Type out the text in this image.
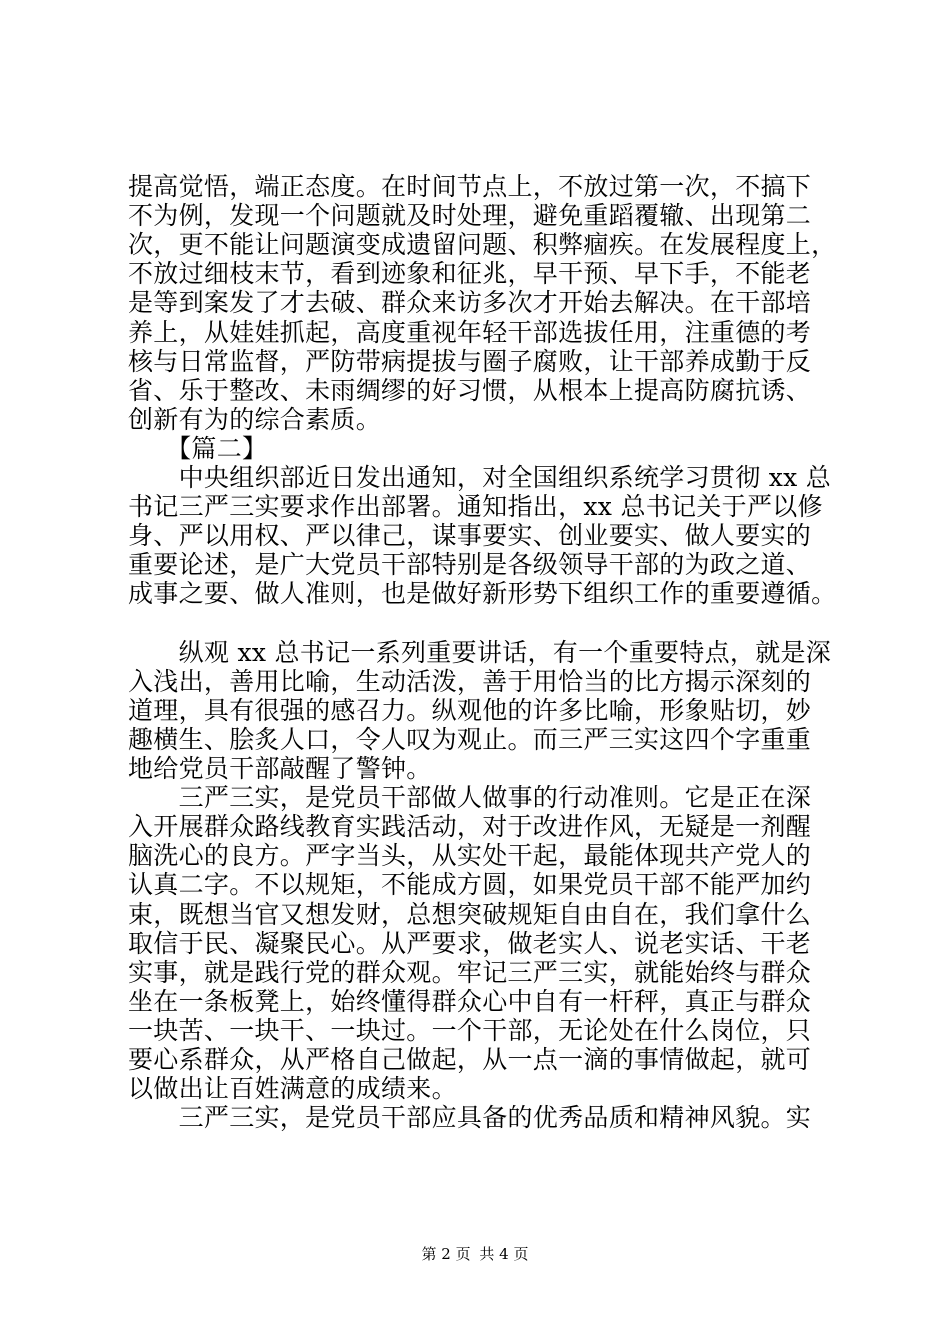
提高觉悟，端正态度。在时间节点上，不放过第一次，不搞下
不为例，发现一个问题就及时处理，避免重蹈覆辙、出现第二
次，更不能让问题演变成遗留问题、积弊痼疾。在发展程度上，
不放过细枝末节，看到迹象和征兆，早干预、早下手，不能老
是等到案发了才去破、群众来访多次才开始去解决。在干部培
养上，从娃娃抓起，高度重视年轻干部选拔任用，注重德的考
核与日常监督，严防带病提拔与圈子腐败，让干部养成勤于反
省、乐于整改、未雨绸缪的好习惯，从根本上提高防腐抗诱、
创新有为的综合素质。
　　【篇二】
　　中央组织部近日发出通知，对全国组织系统学习贯彻 xx 总
书记三严三实要求作出部署。通知指出，xx 总书记关于严以修
身、严以用权、严以律己，谋事要实、创业要实、做人要实的
重要论述，是广大党员干部特别是各级领导干部的为政之道、
成事之要、做人准则，也是做好新形势下组织工作的重要遵循。
　　纵观 xx 总书记一系列重要讲话，有一个重要特点，就是深
入浅出，善用比喻，生动活泼，善于用恰当的比方揭示深刻的
道理，具有很强的感召力。纵观他的许多比喻，形象贴切，妙
趣横生、脍炙人口，令人叹为观止。而三严三实这四个字重重
地给党员干部敲醒了警钟。
　　三严三实，是党员干部做人做事的行动准则。它是正在深
入开展群众路线教育实践活动，对于改进作风，无疑是一剂醒
脑洗心的良方。严字当头，从实处干起，最能体现共产党人的
认真二字。不以规矩，不能成方圆，如果党员干部不能严加约
束，既想当官又想发财，总想突破规矩自由自在，我们拿什么
取信于民、凝聚民心。从严要求，做老实人、说老实话、干老
实事，就是践行党的群众观。牢记三严三实，就能始终与群众
坐在一条板凳上，始终懂得群众心中自有一杆秤，真正与群众
一块苦、一块干、一块过。一个干部，无论处在什么岗位，只
要心系群众，从严格自己做起，从一点一滴的事情做起，就可
以做出让百姓满意的成绩来。
　　三严三实，是党员干部应具备的优秀品质和精神风貌。实
第 2 页 共 4 页
